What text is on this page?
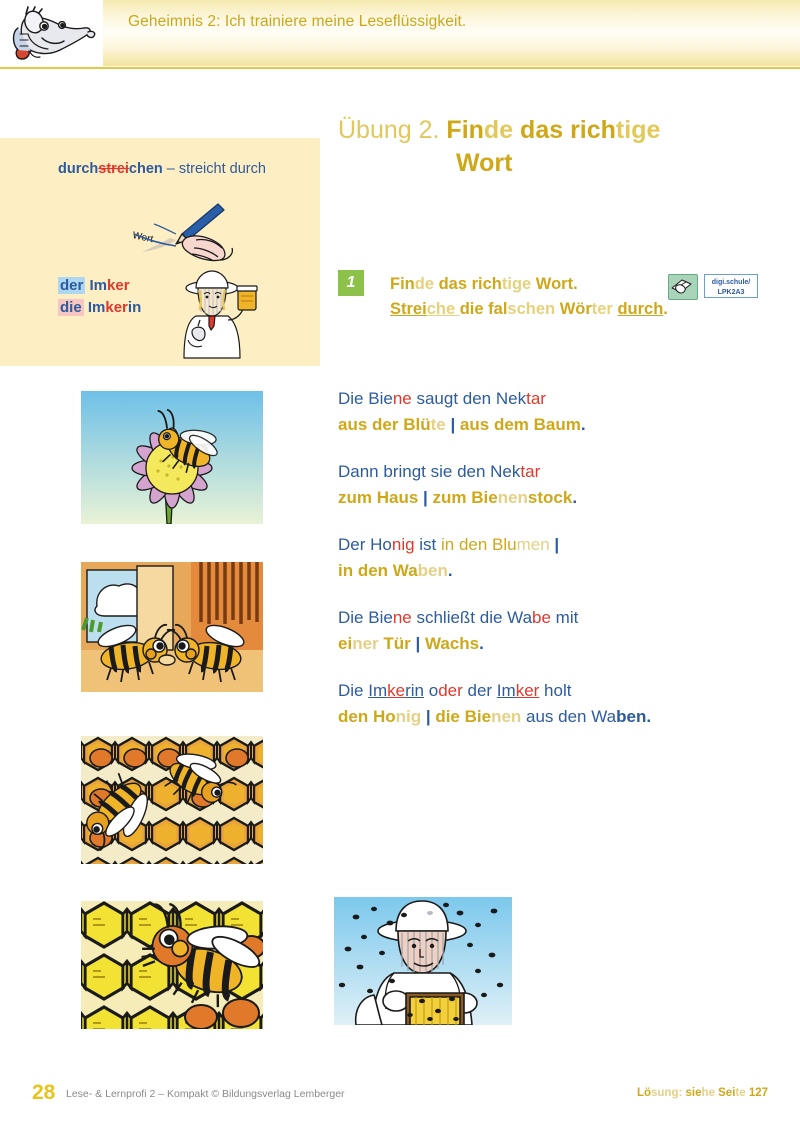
Geheimnis 2: Ich trainiere meine Leseflüssigkeit.
durchstreichen – streicht durch
Wort
der Imker
die Imkerin
Übung 2. Finde das richtige
Wort
1	Finde das richtige Wort.
Streiche die falschen Wörter durch.
digi.schule/
LPK2A3
Die Biene saugt den Nektar
aus der Blüte | aus dem Baum.
Dann bringt sie den Nektar
zum Haus | zum Bienenstock.
Der Honig ist in den Blumen |
in den Waben.
Die Biene schließt die Wabe mit
einer Tür | Wachs.
Die Imkerin oder der Imker holt
den Honig | die Bienen aus den Waben.
28 Lese- & Lernprofi 2 – Kompakt © Bildungsverlag Lemberger	Lösung: siehe Seite 127
